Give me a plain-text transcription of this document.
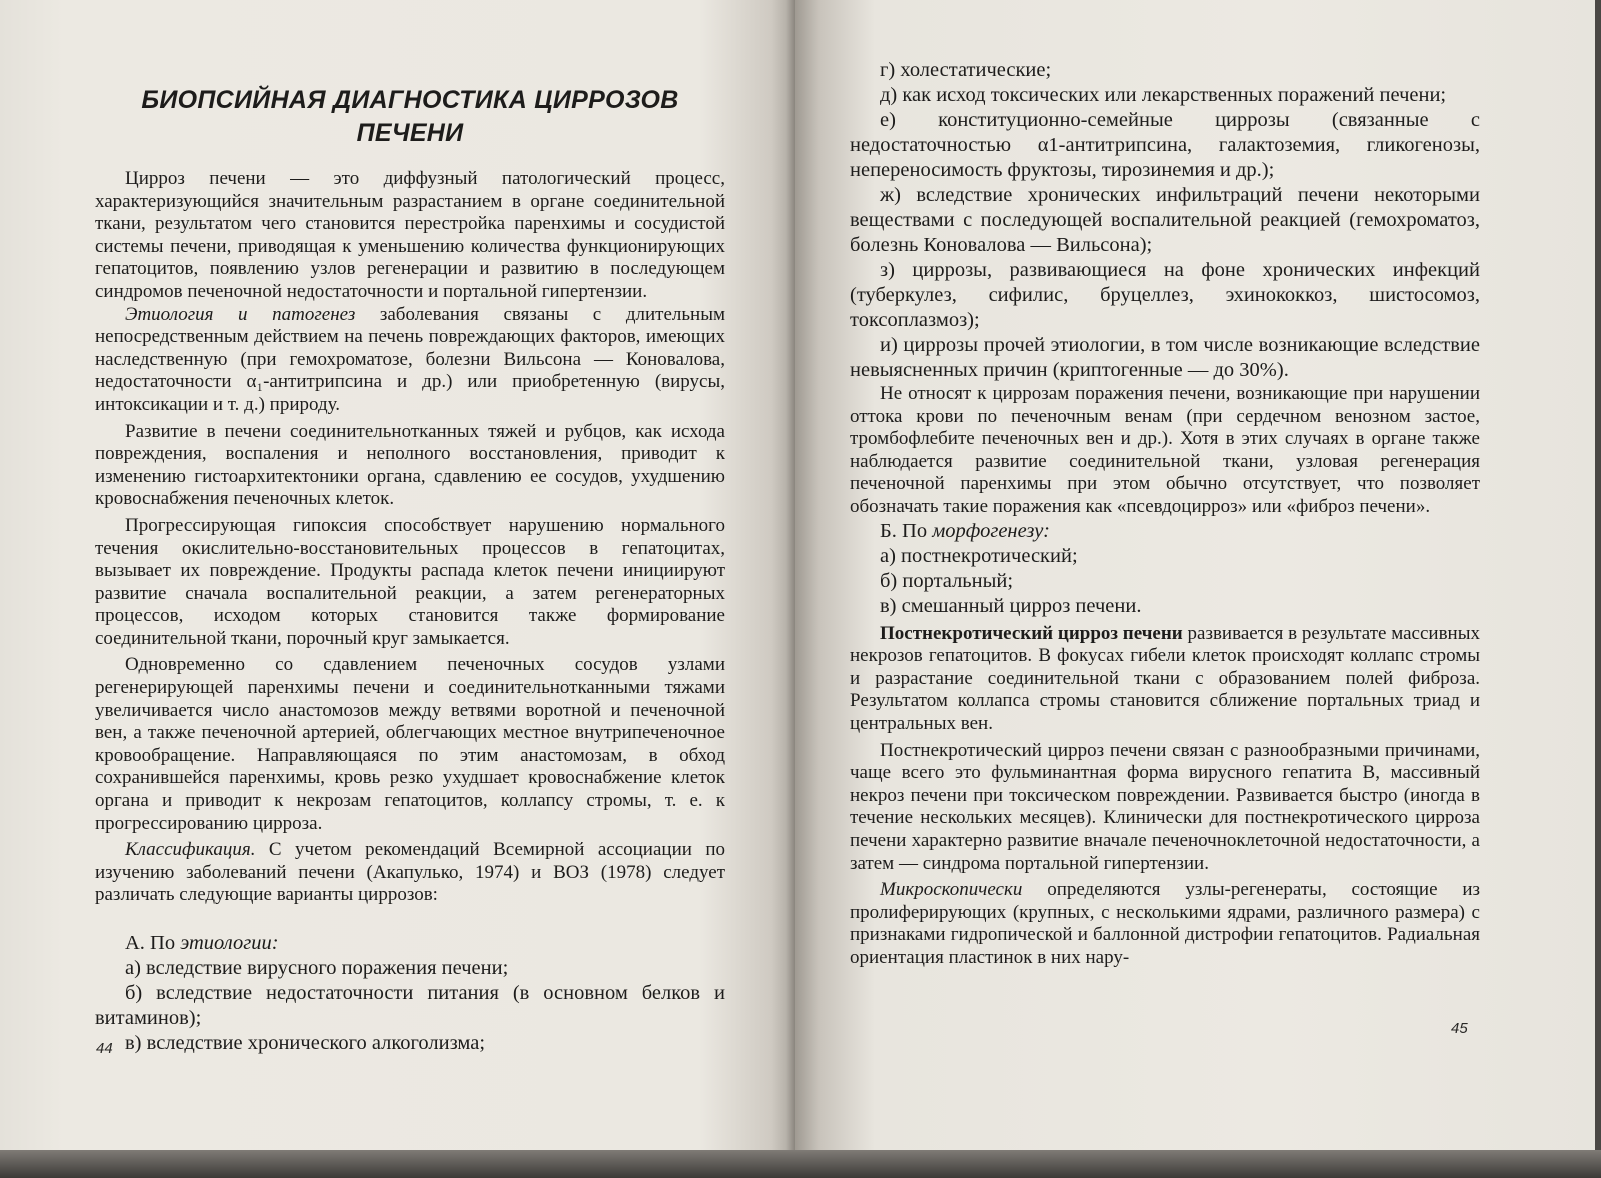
БИОПСИЙНАЯ ДИАГНОСТИКА ЦИРРОЗОВ
ПЕЧЕНИ

Цирроз печени — это диффузный патологический процесс, характеризующийся значительным разрастанием в органе соединительной ткани, результатом чего становится перестройка паренхимы и сосудистой системы печени, приводящая к уменьшению количества функционирующих гепатоцитов, появлению узлов регенерации и развитию в последующем синдромов печеночной недостаточности и портальной гипертензии.

Этиология и патогенез заболевания связаны с длительным непосредственным действием на печень повреждающих факторов, имеющих наследственную (при гемохроматозе, болезни Вильсона — Коновалова, недостаточности α₁-антитрипсина и др.) или приобретенную (вирусы, интоксикации и т. д.) природу.

Развитие в печени соединительнотканных тяжей и рубцов, как исхода повреждения, воспаления и неполного восстановления, приводит к изменению гистоархитектоники органа, сдавлению ее сосудов, ухудшению кровоснабжения печеночных клеток.

Прогрессирующая гипоксия способствует нарушению нормального течения окислительно-восстановительных процессов в гепатоцитах, вызывает их повреждение. Продукты распада клеток печени инициируют развитие сначала воспалительной реакции, а затем регенераторных процессов, исходом которых становится также формирование соединительной ткани, порочный круг замыкается.

Одновременно со сдавлением печеночных сосудов узлами регенерирующей паренхимы печени и соединительнотканными тяжами увеличивается число анастомозов между ветвями воротной и печеночной вен, а также печеночной артерией, облегчающих местное внутрипеченочное кровообращение. Направляющаяся по этим анастомозам, в обход сохранившейся паренхимы, кровь резко ухудшает кровоснабжение клеток органа и приводит к некрозам гепатоцитов, коллапсу стромы, т. е. к прогрессированию цирроза.

Классификация. С учетом рекомендаций Всемирной ассоциации по изучению заболеваний печени (Акапулько, 1974) и ВОЗ (1978) следует различать следующие варианты циррозов:

А. По этиологии:

а) вследствие вирусного поражения печени;

б) вследствие недостаточности питания (в основном белков и витаминов);

в) вследствие хронического алкоголизма;

44

г) холестатические;

д) как исход токсических или лекарственных поражений печени;

е) конституционно-семейные циррозы (связанные с недостаточностью α1-антитрипсина, галактоземия, гликогенозы, непереносимость фруктозы, тирозинемия и др.);

ж) вследствие хронических инфильтраций печени некоторыми веществами с последующей воспалительной реакцией (гемохроматоз, болезнь Коновалова — Вильсона);

з) циррозы, развивающиеся на фоне хронических инфекций (туберкулез, сифилис, бруцеллез, эхинококкоз, шистосомоз, токсоплазмоз);

и) циррозы прочей этиологии, в том числе возникающие вследствие невыясненных причин (криптогенные — до 30%).

Не относят к циррозам поражения печени, возникающие при нарушении оттока крови по печеночным венам (при сердечном венозном застое, тромбофлебите печеночных вен и др.). Хотя в этих случаях в органе также наблюдается развитие соединительной ткани, узловая регенерация печеночной паренхимы при этом обычно отсутствует, что позволяет обозначать такие поражения как «псевдоцирроз» или «фиброз печени».

Б. По морфогенезу:

а) постнекротический;

б) портальный;

в) смешанный цирроз печени.

Постнекротический цирроз печени развивается в результате массивных некрозов гепатоцитов. В фокусах гибели клеток происходят коллапс стромы и разрастание соединительной ткани с образованием полей фиброза. Результатом коллапса стромы становится сближение портальных триад и центральных вен.

Постнекротический цирроз печени связан с разнообразными причинами, чаще всего это фульминантная форма вирусного гепатита В, массивный некроз печени при токсическом повреждении. Развивается быстро (иногда в течение нескольких месяцев). Клинически для постнекротического цирроза печени характерно развитие вначале печеночноклеточной недостаточности, а затем — синдрома портальной гипертензии.

Микроскопически определяются узлы-регенераты, состоящие из пролиферирующих (крупных, с несколькими ядрами, различного размера) с признаками гидропической и баллонной дистрофии гепатоцитов. Радиальная ориентация пластинок в них нару-

45
